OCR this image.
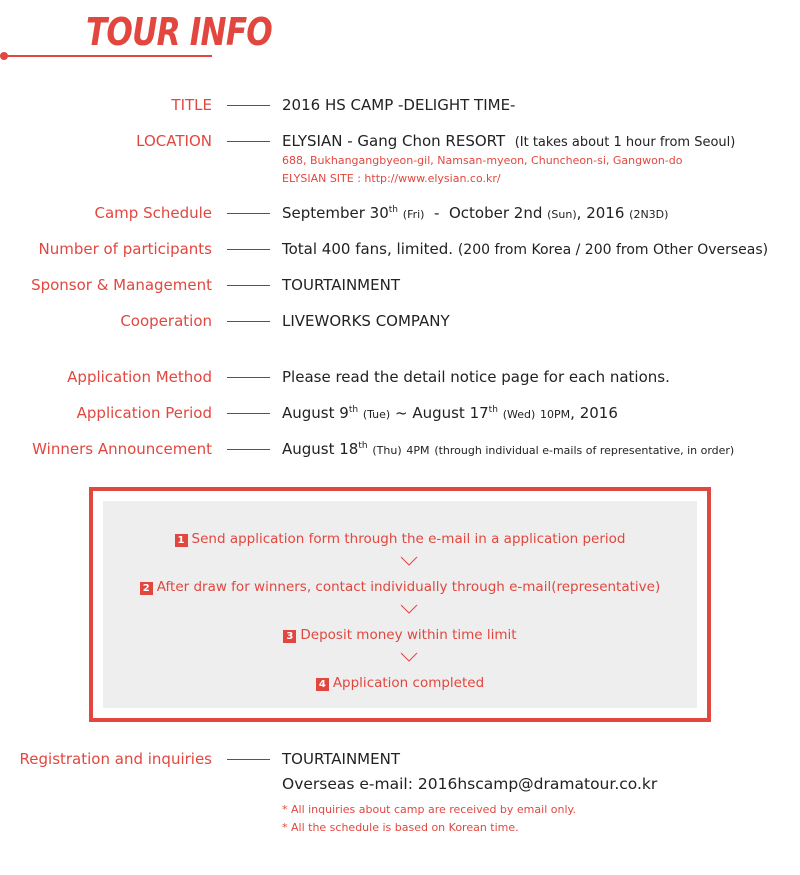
TOUR INFO
TITLE	2016 HS CAMP -DELIGHT TIME-
LOCATION	ELYSIAN - Gang Chon RESORT (It takes about 1 hour from Seoul)
688, Bukhangangbyeon-gil, Namsan-myeon, Chuncheon-si, Gangwon-do
ELYSIAN SITE : http://www.elysian.co.kr/
Camp Schedule	September 30th (Fri)  -  October 2nd (Sun), 2016 (2N3D)
Number of participants	Total 400 fans, limited. (200 from Korea / 200 from Other Overseas)
Sponsor & Management	TOURTAINMENT
Cooperation	LIVEWORKS COMPANY
Application Method	Please read the detail notice page for each nations.
Application Period	August 9th (Tue) ~ August 17th (Wed) 10PM, 2016
Winners Announcement	August 18th (Thu) 4PM (through individual e-mails of representative, in order)
1 Send application form through the e-mail in a application period
2 After draw for winners, contact individually through e-mail(representative)
3 Deposit money within time limit
4 Application completed
Registration and inquiries	TOURTAINMENT
Overseas e-mail: 2016hscamp@dramatour.co.kr
* All inquiries about camp are received by email only.
* All the schedule is based on Korean time.
